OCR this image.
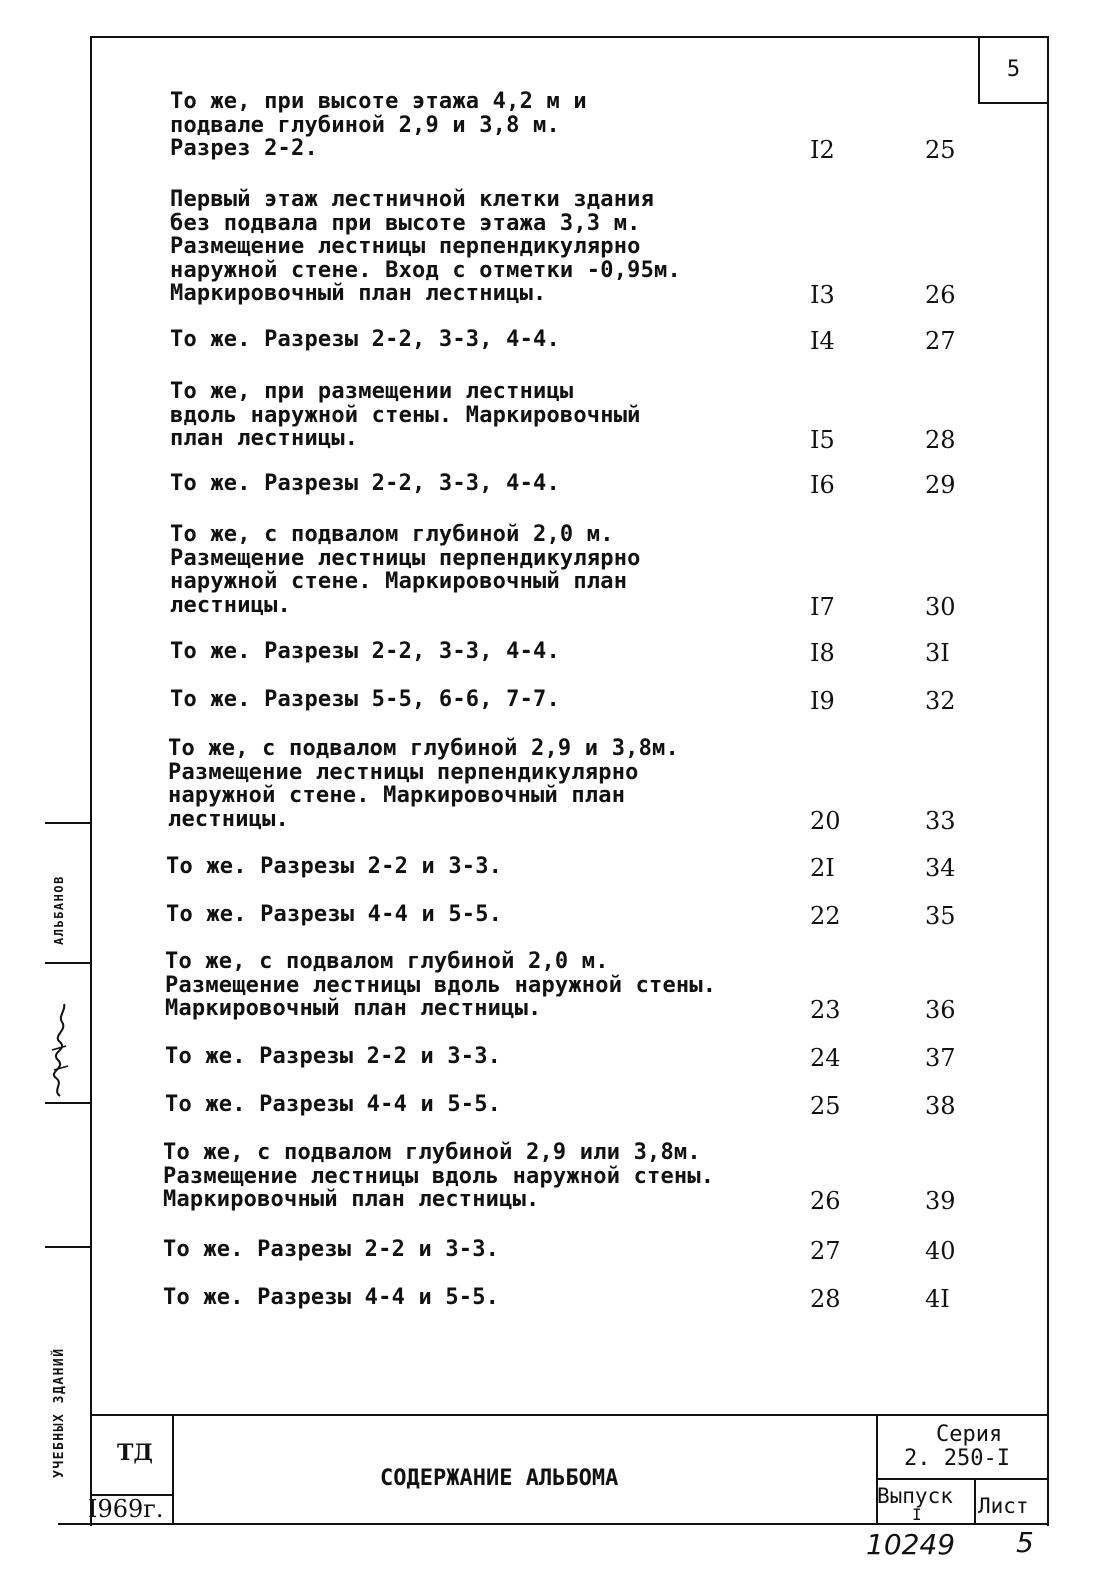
5
То же, при высоте этажа 4,2 м и
подвале глубиной 2,9 и 3,8 м.
Разрез 2-2.	I2	25
Первый этаж лестничной клетки здания
без подвала при высоте этажа 3,3 м.
Размещение лестницы перпендикулярно
наружной стене. Вход с отметки -0,95м.
Маркировочный план лестницы.	I3	26
То же. Разрезы 2-2, 3-3, 4-4.	I4	27
То же, при размещении лестницы
вдоль наружной стены. Маркировочный
план лестницы.	I5	28
То же. Разрезы 2-2, 3-3, 4-4.	I6	29
То же, с подвалом глубиной 2,0 м.
Размещение лестницы перпендикулярно
наружной стене. Маркировочный план
лестницы.	I7	30
То же. Разрезы 2-2, 3-3, 4-4.	I8	3I
То же. Разрезы 5-5, 6-6, 7-7.	I9	32
То же, с подвалом глубиной 2,9 и 3,8м.
Размещение лестницы перпендикулярно
наружной стене. Маркировочный план
лестницы.	20	33
То же. Разрезы 2-2 и 3-3.	2I	34
То же. Разрезы 4-4 и 5-5.	22	35
То же, с подвалом глубиной 2,0 м.
Размещение лестницы вдоль наружной стены.
Маркировочный план лестницы.	23	36
То же. Разрезы 2-2 и 3-3.	24	37
То же. Разрезы 4-4 и 5-5.	25	38
То же, с подвалом глубиной 2,9 или 3,8м.
Размещение лестницы вдоль наружной стены.
Маркировочный план лестницы.	26	39
То же. Разрезы 2-2 и 3-3.	27	40
То же. Разрезы 4-4 и 5-5.	28	4I
АЛЬБАНОВ
УЧЕБНЫХ ЗДАНИЙ ТД
I969г.
СОДЕРЖАНИЕ АЛЬБОМА
Серия
2. 250-I
Выпуск
I	Лист
10249 5
